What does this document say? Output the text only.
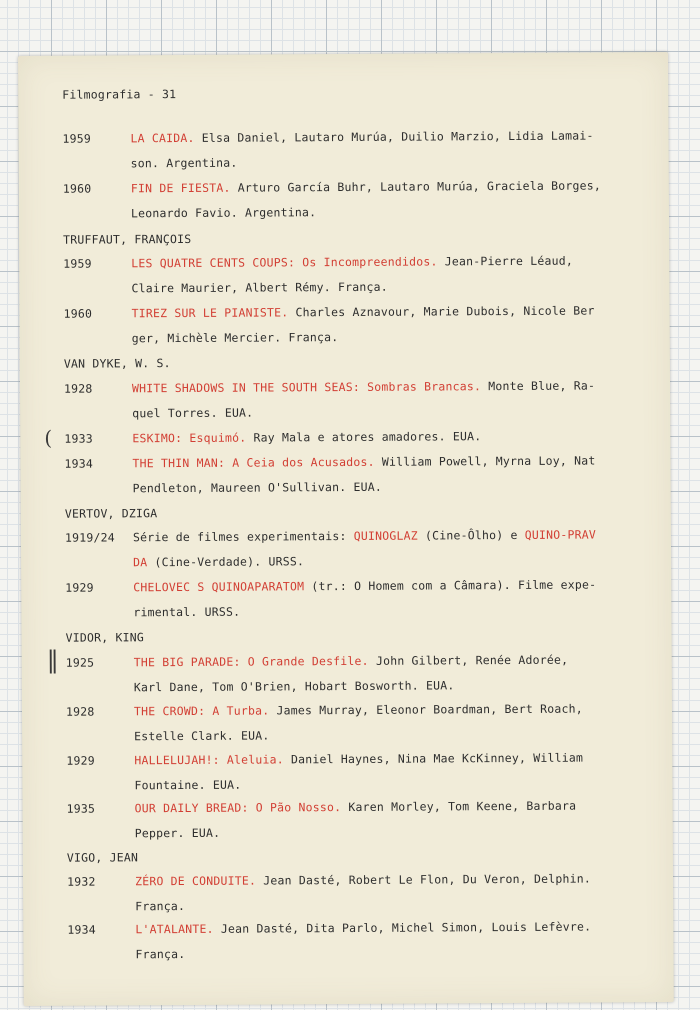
Filmografia - 31
1959	LA CAIDA. Elsa Daniel, Lautaro Murúa, Duilio Marzio, Lidia Lamai-
son. Argentina.
1960	FIN DE FIESTA. Arturo García Buhr, Lautaro Murúa, Graciela Borges,
Leonardo Favio. Argentina.
TRUFFAUT, FRANÇOIS
1959	LES QUATRE CENTS COUPS: Os Incompreendidos. Jean-Pierre Léaud,
Claire Maurier, Albert Rémy. França.
1960	TIREZ SUR LE PIANISTE. Charles Aznavour, Marie Dubois, Nicole Ber
ger, Michèle Mercier. França.
VAN DYKE, W. S.
1928	WHITE SHADOWS IN THE SOUTH SEAS: Sombras Brancas. Monte Blue, Ra-
quel Torres. EUA.
( 1933	ESKIMO: Esquimó. Ray Mala e atores amadores. EUA.
1934	THE THIN MAN: A Ceia dos Acusados. William Powell, Myrna Loy, Nat
Pendleton, Maureen O'Sullivan. EUA.
VERTOV, DZIGA
1919/24 Série de filmes experimentais: QUINOGLAZ (Cine-Ôlho) e QUINO-PRAV
DA (Cine-Verdade). URSS.
1929	CHELOVEC S QUINOAPARATOM (tr.: O Homem com a Câmara). Filme expe-
rimental. URSS.
VIDOR, KING
‖ 1925	THE BIG PARADE: O Grande Desfile. John Gilbert, Renée Adorée,
Karl Dane, Tom O'Brien, Hobart Bosworth. EUA.
1928	THE CROWD: A Turba. James Murray, Eleonor Boardman, Bert Roach,
Estelle Clark. EUA.
1929	HALLELUJAH!: Aleluia. Daniel Haynes, Nina Mae KcKinney, William
Fountaine. EUA.
1935	OUR DAILY BREAD: O Pão Nosso. Karen Morley, Tom Keene, Barbara
Pepper. EUA.
VIGO, JEAN
1932	ZÉRO DE CONDUITE. Jean Dasté, Robert Le Flon, Du Veron, Delphin.
França.
1934	L'ATALANTE. Jean Dasté, Dita Parlo, Michel Simon, Louis Lefèvre.
França.
